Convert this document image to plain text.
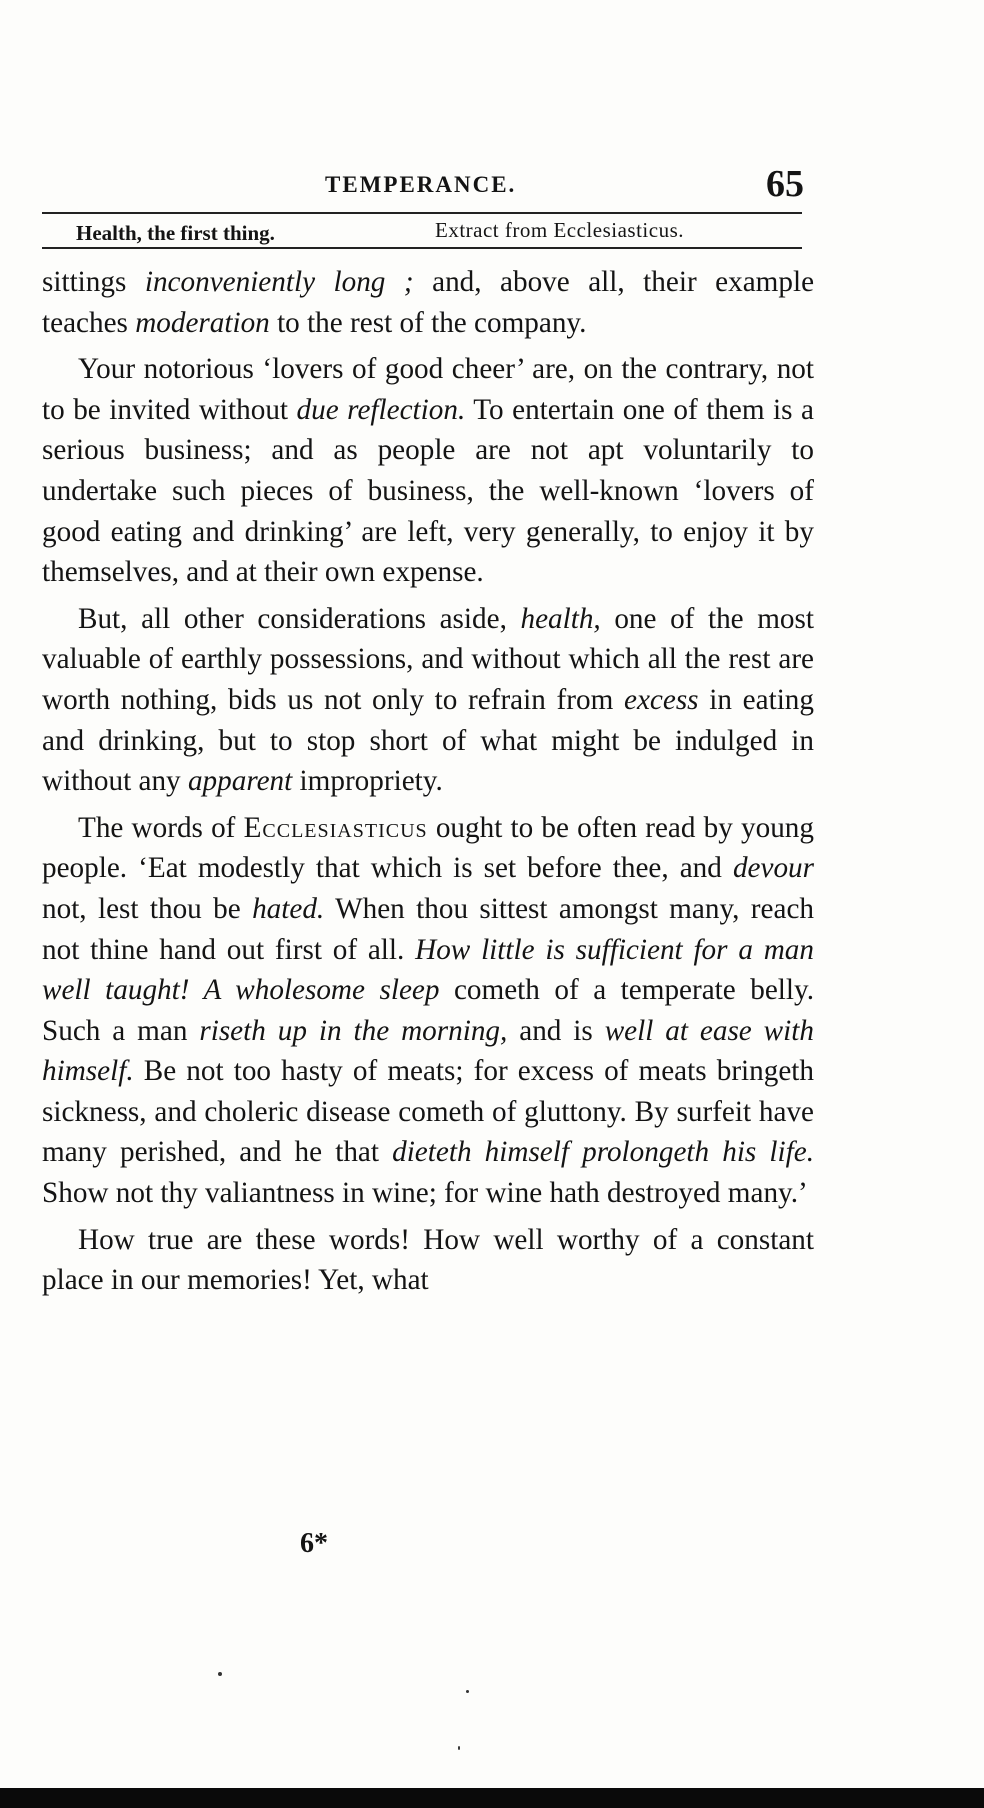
TEMPERANCE.	65
Health, the first thing.	Extract from Ecclesiasticus.

sittings inconveniently long ; and, above all, their example teaches moderation to the rest of the company.

Your notorious ‘lovers of good cheer’ are, on the contrary, not to be invited without due reflection. To entertain one of them is a serious business; and as people are not apt voluntarily to undertake such pieces of business, the well-known ‘lovers of good eating and drinking’ are left, very generally, to enjoy it by themselves, and at their own expense.

But, all other considerations aside, health, one of the most valuable of earthly possessions, and without which all the rest are worth nothing, bids us not only to refrain from excess in eating and drinking, but to stop short of what might be indulged in without any apparent impropriety.

The words of Ecclesiasticus ought to be often read by young people. ‘Eat modestly that which is set before thee, and devour not, lest thou be hated. When thou sittest amongst many, reach not thine hand out first of all. How little is sufficient for a man well taught! A wholesome sleep cometh of a temperate belly. Such a man riseth up in the morning, and is well at ease with himself. Be not too hasty of meats; for excess of meats bringeth sickness, and choleric disease cometh of gluttony. By surfeit have many perished, and he that dieteth himself prolongeth his life. Show not thy valiantness in wine; for wine hath destroyed many.’

How true are these words! How well worthy of a constant place in our memories! Yet, what

6*
